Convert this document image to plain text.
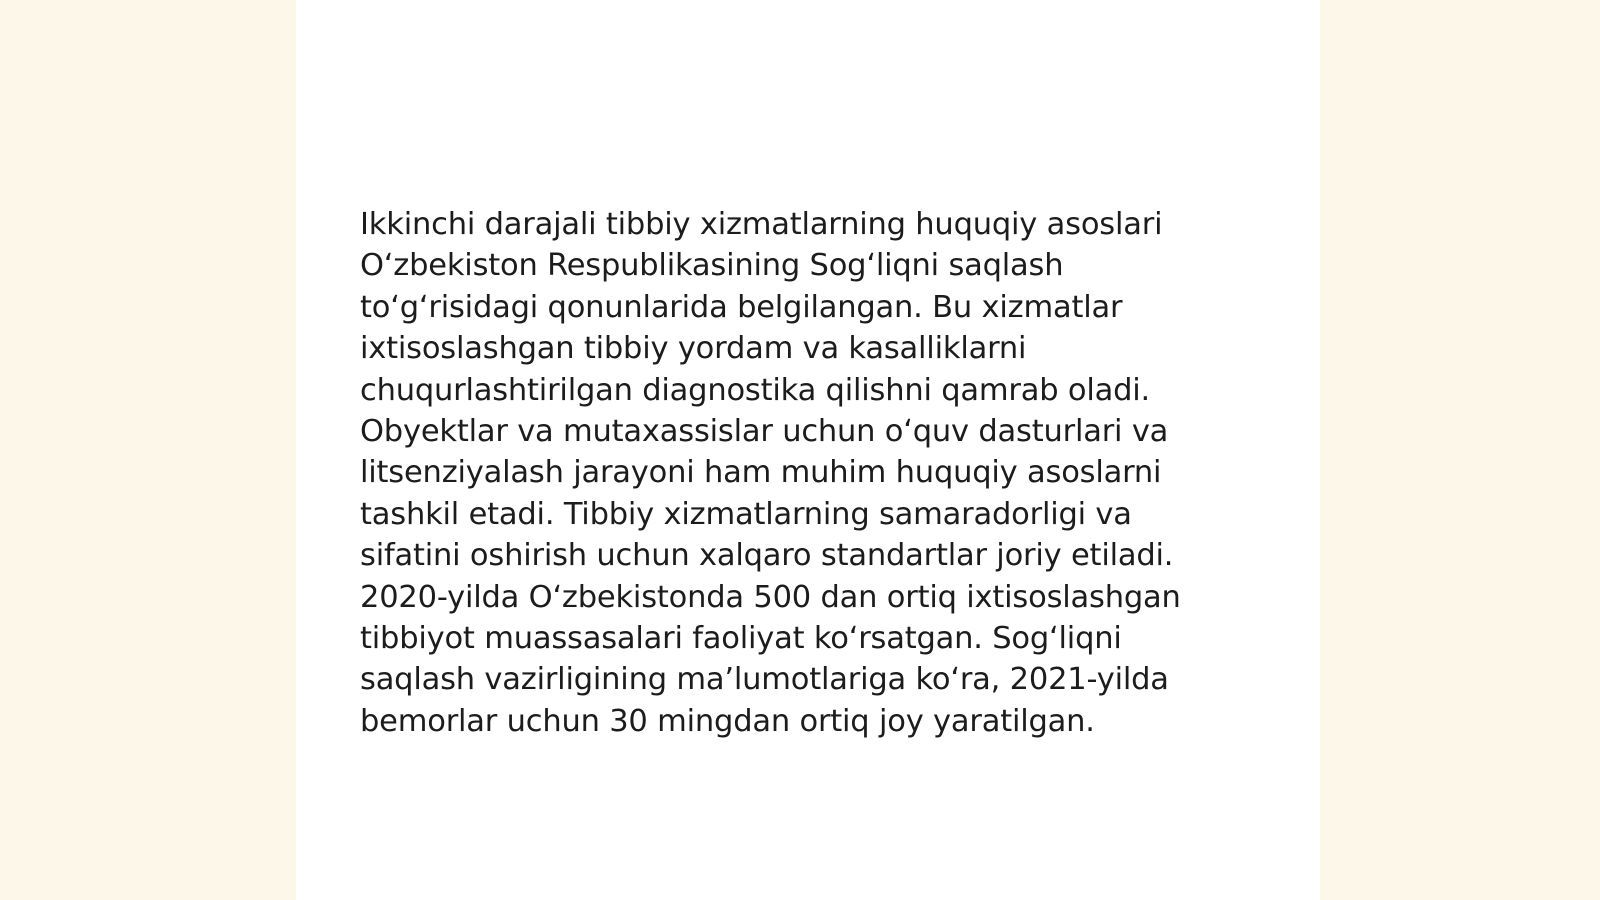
Ikkinchi darajali tibbiy xizmatlarning huquqiy asoslari
O‘zbekiston Respublikasining Sog‘liqni saqlash
to‘g‘risidagi qonunlarida belgilangan. Bu xizmatlar
ixtisoslashgan tibbiy yordam va kasalliklarni
chuqurlashtirilgan diagnostika qilishni qamrab oladi.
Obyektlar va mutaxassislar uchun o‘quv dasturlari va
litsenziyalash jarayoni ham muhim huquqiy asoslarni
tashkil etadi. Tibbiy xizmatlarning samaradorligi va
sifatini oshirish uchun xalqaro standartlar joriy etiladi.
2020-yilda O‘zbekistonda 500 dan ortiq ixtisoslashgan
tibbiyot muassasalari faoliyat ko‘rsatgan. Sog‘liqni
saqlash vazirligining ma’lumotlariga ko‘ra, 2021-yilda
bemorlar uchun 30 mingdan ortiq joy yaratilgan.
